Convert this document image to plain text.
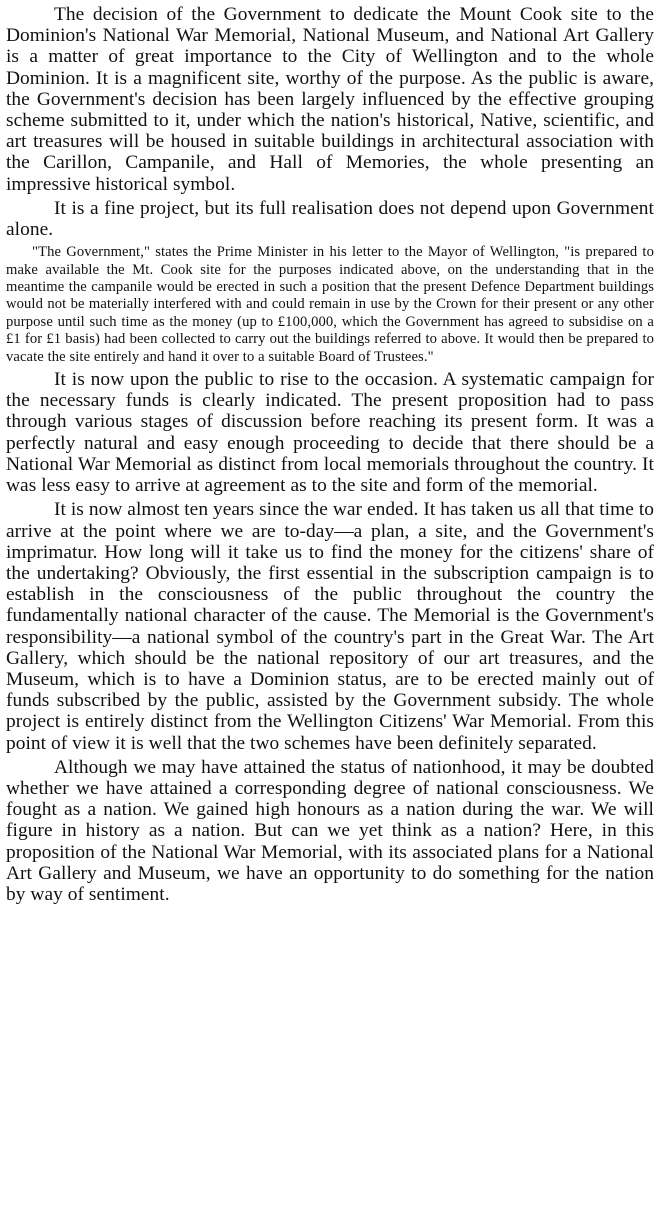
The decision of the Government to dedicate the Mount Cook site to the Dominion's National War Memorial, National Museum, and National Art Gallery is a matter of great importance to the City of Wellington and to the whole Dominion. It is a magnificent site, worthy of the purpose. As the public is aware, the Government's decision has been largely influenced by the effective grouping scheme submitted to it, under which the nation's historical, Native, scientific, and art treasures will be housed in suitable buildings in architectural association with the Carillon, Campanile, and Hall of Memories, the whole presenting an impressive historical symbol.

It is a fine project, but its full realisation does not depend upon Government alone.

"The Government," states the Prime Minister in his letter to the Mayor of Wellington, "is prepared to make available the Mt. Cook site for the purposes indicated above, on the understanding that in the meantime the campanile would be erected in such a position that the present Defence Department buildings would not be materially interfered with and could remain in use by the Crown for their present or any other purpose until such time as the money (up to £100,000, which the Government has agreed to subsidise on a £1 for £1 basis) had been collected to carry out the buildings referred to above. It would then be prepared to vacate the site entirely and hand it over to a suitable Board of Trustees."

It is now upon the public to rise to the occasion. A systematic campaign for the necessary funds is clearly indicated. The present proposition had to pass through various stages of discussion before reaching its present form. It was a perfectly natural and easy enough proceeding to decide that there should be a National War Memorial as distinct from local memorials throughout the country. It was less easy to arrive at agreement as to the site and form of the memorial.

It is now almost ten years since the war ended. It has taken us all that time to arrive at the point where we are to-day—a plan, a site, and the Government's imprimatur. How long will it take us to find the money for the citizens' share of the undertaking? Obviously, the first essential in the subscription campaign is to establish in the consciousness of the public throughout the country the fundamentally national character of the cause. The Memorial is the Government's responsibility—a national symbol of the country's part in the Great War. The Art Gallery, which should be the national repository of our art treasures, and the Museum, which is to have a Dominion status, are to be erected mainly out of funds subscribed by the public, assisted by the Government subsidy. The whole project is entirely distinct from the Wellington Citizens' War Memorial. From this point of view it is well that the two schemes have been definitely separated.

Although we may have attained the status of nationhood, it may be doubted whether we have attained a corresponding degree of national consciousness. We fought as a nation. We gained high honours as a nation during the war. We will figure in history as a nation. But can we yet think as a nation? Here, in this proposition of the National War Memorial, with its associated plans for a National Art Gallery and Museum, we have an opportunity to do something for the nation by way of sentiment.
